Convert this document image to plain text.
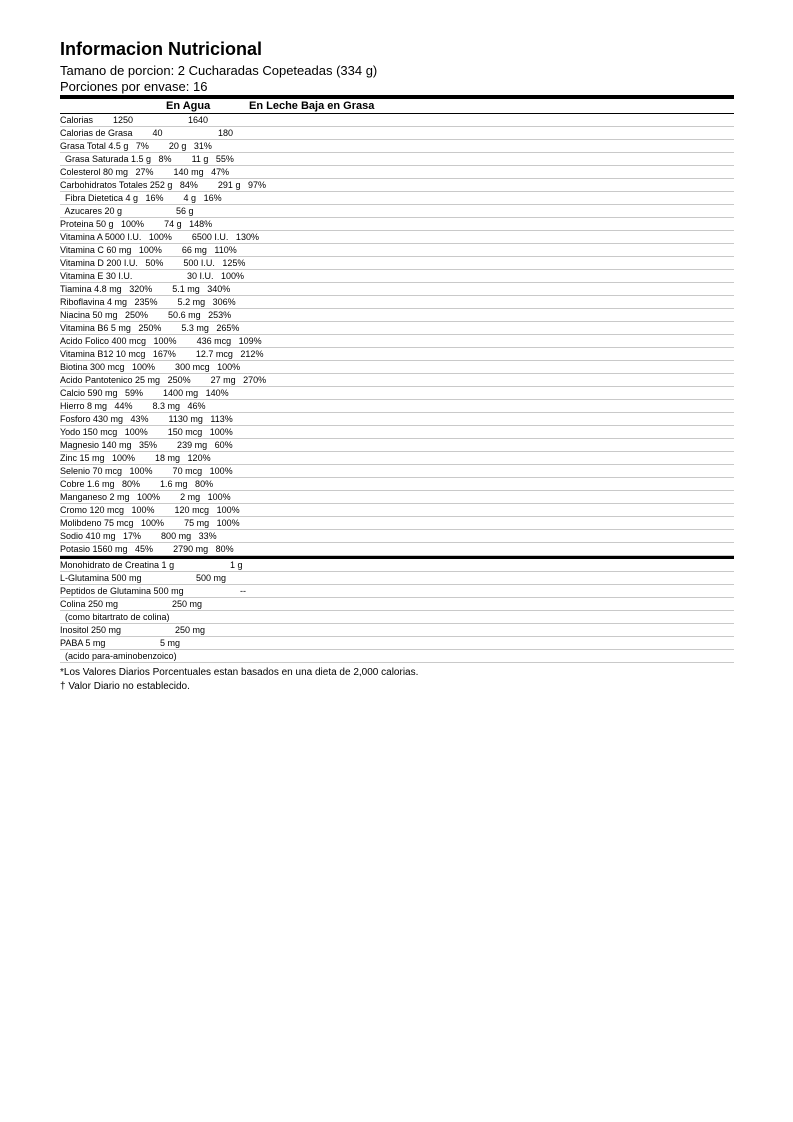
Informacion Nutricional
Tamano de porcion: 2 Cucharadas Copeteadas (334 g)
Porciones por envase: 16
En Agua	En Leche Baja en Grasa
Calorias        1250	1640
Calorias de Grasa        40	180
Grasa Total 4.5 g   7%        20 g   31%
Grasa Saturada 1.5 g   8%        11 g   55%
Colesterol 80 mg   27%        140 mg   47%
Carbohidratos Totales 252 g   84%        291 g   97%
Fibra Dietetica 4 g   16%        4 g   16%
Azucares 20 g	56 g
Proteina 50 g   100%        74 g   148%
Vitamina A 5000 I.U.   100%        6500 I.U.   130%
Vitamina C 60 mg   100%        66 mg   110%
Vitamina D 200 I.U.   50%        500 I.U.   125%
Vitamina E 30 I.U.	30 I.U.   100%
Tiamina 4.8 mg   320%        5.1 mg   340%
Riboflavina 4 mg   235%        5.2 mg   306%
Niacina 50 mg   250%        50.6 mg   253%
Vitamina B6 5 mg   250%        5.3 mg   265%
Acido Folico 400 mcg   100%        436 mcg   109%
Vitamina B12 10 mcg   167%        12.7 mcg   212%
Biotina 300 mcg   100%        300 mcg   100%
Acido Pantotenico 25 mg   250%        27 mg   270%
Calcio 590 mg   59%        1400 mg   140%
Hierro 8 mg   44%        8.3 mg   46%
Fosforo 430 mg   43%        1130 mg   113%
Yodo 150 mcg   100%        150 mcg   100%
Magnesio 140 mg   35%        239 mg   60%
Zinc 15 mg   100%        18 mg   120%
Selenio 70 mcg   100%        70 mcg   100%
Cobre 1.6 mg   80%        1.6 mg   80%
Manganeso 2 mg   100%        2 mg   100%
Cromo 120 mcg   100%        120 mcg   100%
Molibdeno 75 mcg   100%        75 mg   100%
Sodio 410 mg   17%        800 mg   33%
Potasio 1560 mg   45%        2790 mg   80%
Monohidrato de Creatina 1 g	1 g
L-Glutamina 500 mg	500 mg
Peptidos de Glutamina 500 mg	--
Colina 250 mg	250 mg
(como bitartrato de colina)
Inositol 250 mg	250 mg
PABA 5 mg	5 mg
(acido para-aminobenzoico)
*Los Valores Diarios Porcentuales estan basados en una dieta de 2,000 calorias.
† Valor Diario no establecido.
